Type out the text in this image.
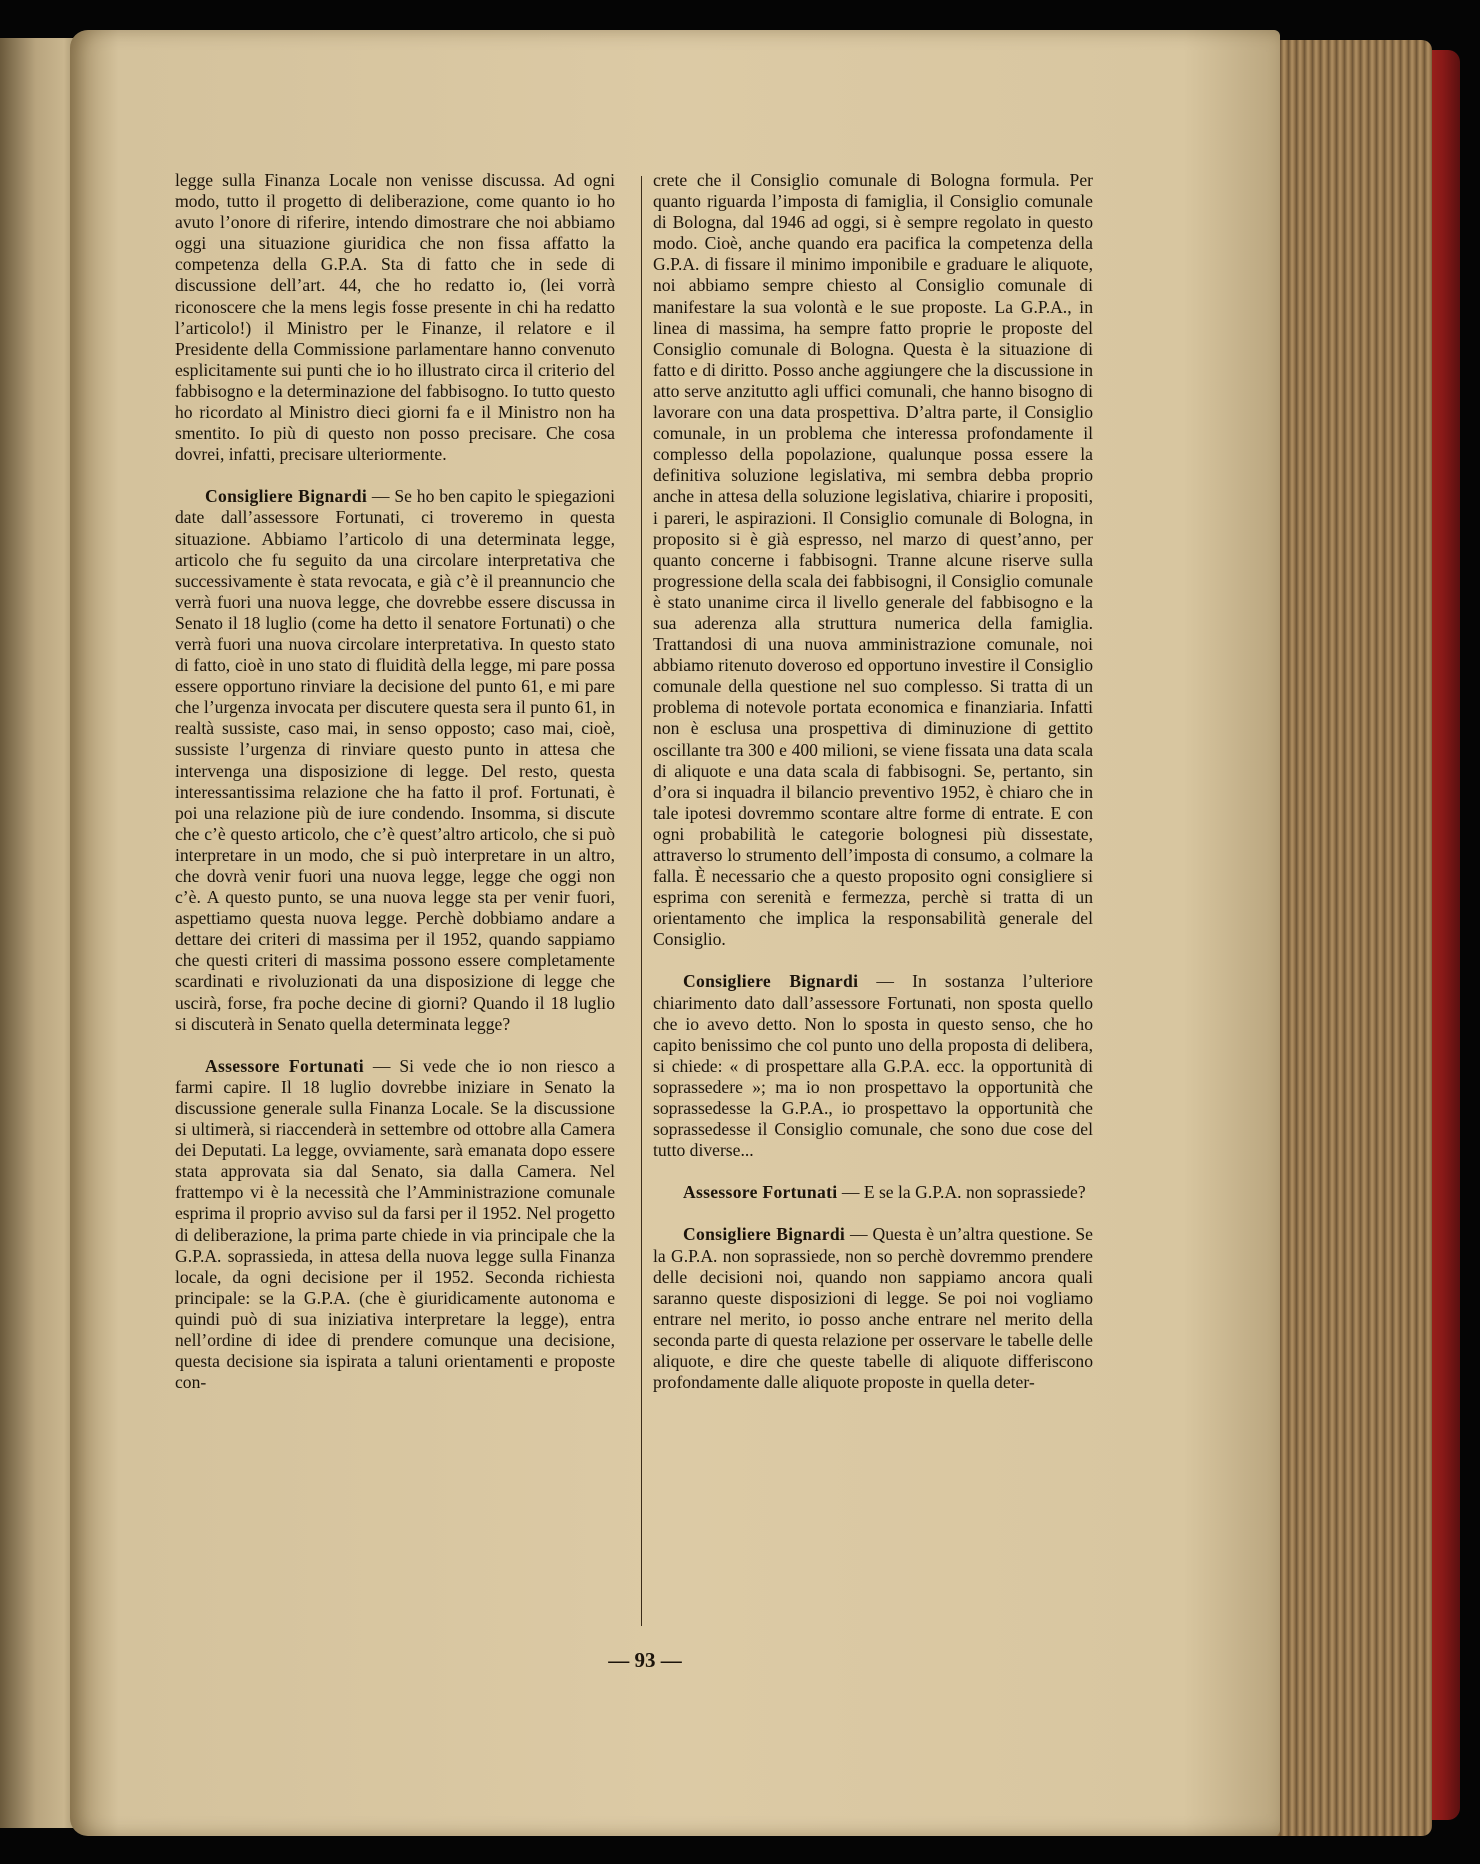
legge sulla Finanza Locale non venisse discussa. Ad ogni modo, tutto il progetto di deliberazione, come quanto io ho avuto l’onore di riferire, intendo dimostrare che noi abbiamo oggi una situazione giuridica che non fissa affatto la competenza della G.P.A. Sta di fatto che in sede di discussione dell’art. 44, che ho redatto io, (lei vorrà riconoscere che la mens legis fosse presente in chi ha redatto l’articolo!) il Ministro per le Finanze, il relatore e il Presidente della Commissione parlamentare hanno convenuto esplicitamente sui punti che io ho illustrato circa il criterio del fabbisogno e la determinazione del fabbisogno. Io tutto questo ho ricordato al Ministro dieci giorni fa e il Ministro non ha smentito. Io più di questo non posso precisare. Che cosa dovrei, infatti, precisare ulteriormente.

Consigliere Bignardi — Se ho ben capito le spiegazioni date dall’assessore Fortunati, ci troveremo in questa situazione. Abbiamo l’articolo di una determinata legge, articolo che fu seguito da una circolare interpretativa che successivamente è stata revocata, e già c’è il preannuncio che verrà fuori una nuova legge, che dovrebbe essere discussa in Senato il 18 luglio (come ha detto il senatore Fortunati) o che verrà fuori una nuova circolare interpretativa. In questo stato di fatto, cioè in uno stato di fluidità della legge, mi pare possa essere opportuno rinviare la decisione del punto 61, e mi pare che l’urgenza invocata per discutere questa sera il punto 61, in realtà sussiste, caso mai, in senso opposto; caso mai, cioè, sussiste l’urgenza di rinviare questo punto in attesa che intervenga una disposizione di legge. Del resto, questa interessantissima relazione che ha fatto il prof. Fortunati, è poi una relazione più de iure condendo. Insomma, si discute che c’è questo articolo, che c’è quest’altro articolo, che si può interpretare in un modo, che si può interpretare in un altro, che dovrà venir fuori una nuova legge, legge che oggi non c’è. A questo punto, se una nuova legge sta per venir fuori, aspettiamo questa nuova legge. Perchè dobbiamo andare a dettare dei criteri di massima per il 1952, quando sappiamo che questi criteri di massima possono essere completamente scardinati e rivoluzionati da una disposizione di legge che uscirà, forse, fra poche decine di giorni? Quando il 18 luglio si discuterà in Senato quella determinata legge?

Assessore Fortunati — Si vede che io non riesco a farmi capire. Il 18 luglio dovrebbe iniziare in Senato la discussione generale sulla Finanza Locale. Se la discussione si ultimerà, si riaccenderà in settembre od ottobre alla Camera dei Deputati. La legge, ovviamente, sarà emanata dopo essere stata approvata sia dal Senato, sia dalla Camera. Nel frattempo vi è la necessità che l’Amministrazione comunale esprima il proprio avviso sul da farsi per il 1952. Nel progetto di deliberazione, la prima parte chiede in via principale che la G.P.A. soprassieda, in attesa della nuova legge sulla Finanza locale, da ogni decisione per il 1952. Seconda richiesta principale: se la G.P.A. (che è giuridicamente autonoma e quindi può di sua iniziativa interpretare la legge), entra nell’ordine di idee di prendere comunque una decisione, questa decisione sia ispirata a taluni orientamenti e proposte con-

crete che il Consiglio comunale di Bologna formula. Per quanto riguarda l’imposta di famiglia, il Consiglio comunale di Bologna, dal 1946 ad oggi, si è sempre regolato in questo modo. Cioè, anche quando era pacifica la competenza della G.P.A. di fissare il minimo imponibile e graduare le aliquote, noi abbiamo sempre chiesto al Consiglio comunale di manifestare la sua volontà e le sue proposte. La G.P.A., in linea di massima, ha sempre fatto proprie le proposte del Consiglio comunale di Bologna. Questa è la situazione di fatto e di diritto. Posso anche aggiungere che la discussione in atto serve anzitutto agli uffici comunali, che hanno bisogno di lavorare con una data prospettiva. D’altra parte, il Consiglio comunale, in un problema che interessa profondamente il complesso della popolazione, qualunque possa essere la definitiva soluzione legislativa, mi sembra debba proprio anche in attesa della soluzione legislativa, chiarire i propositi, i pareri, le aspirazioni. Il Consiglio comunale di Bologna, in proposito si è già espresso, nel marzo di quest’anno, per quanto concerne i fabbisogni. Tranne alcune riserve sulla progressione della scala dei fabbisogni, il Consiglio comunale è stato unanime circa il livello generale del fabbisogno e la sua aderenza alla struttura numerica della famiglia. Trattandosi di una nuova amministrazione comunale, noi abbiamo ritenuto doveroso ed opportuno investire il Consiglio comunale della questione nel suo complesso. Si tratta di un problema di notevole portata economica e finanziaria. Infatti non è esclusa una prospettiva di diminuzione di gettito oscillante tra 300 e 400 milioni, se viene fissata una data scala di aliquote e una data scala di fabbisogni. Se, pertanto, sin d’ora si inquadra il bilancio preventivo 1952, è chiaro che in tale ipotesi dovremmo scontare altre forme di entrate. E con ogni probabilità le categorie bolognesi più dissestate, attraverso lo strumento dell’imposta di consumo, a colmare la falla. È necessario che a questo proposito ogni consigliere si esprima con serenità e fermezza, perchè si tratta di un orientamento che implica la responsabilità generale del Consiglio.

Consigliere Bignardi — In sostanza l’ulteriore chiarimento dato dall’assessore Fortunati, non sposta quello che io avevo detto. Non lo sposta in questo senso, che ho capito benissimo che col punto uno della proposta di delibera, si chiede: « di prospettare alla G.P.A. ecc. la opportunità di soprassedere »; ma io non prospettavo la opportunità che soprassedesse la G.P.A., io prospettavo la opportunità che soprassedesse il Consiglio comunale, che sono due cose del tutto diverse...

Assessore Fortunati — E se la G.P.A. non soprassiede?

Consigliere Bignardi — Questa è un’altra questione. Se la G.P.A. non soprassiede, non so perchè dovremmo prendere delle decisioni noi, quando non sappiamo ancora quali saranno queste disposizioni di legge. Se poi noi vogliamo entrare nel merito, io posso anche entrare nel merito della seconda parte di questa relazione per osservare le tabelle delle aliquote, e dire che queste tabelle di aliquote differiscono profondamente dalle aliquote proposte in quella deter-

— 93 —
